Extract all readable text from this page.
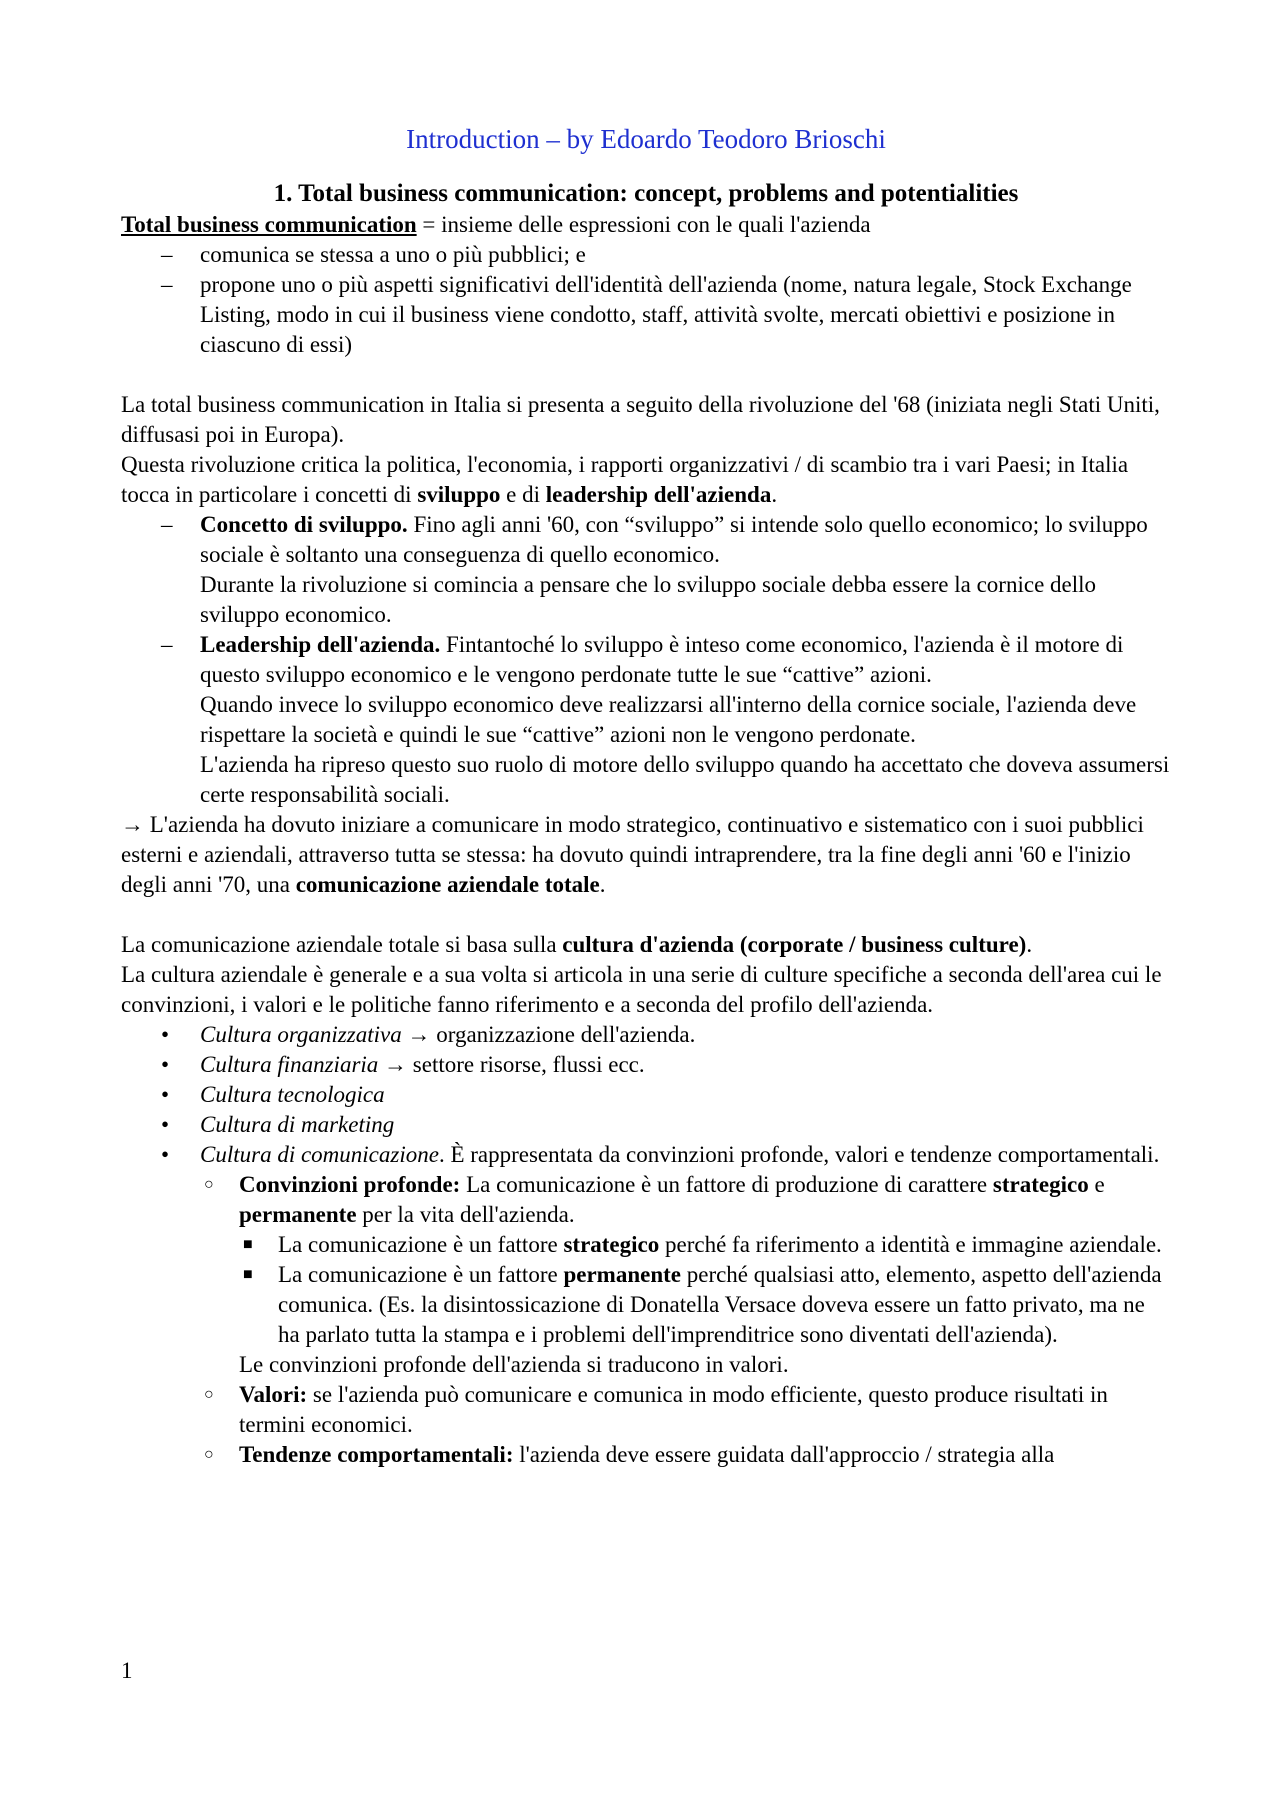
Introduction – by Edoardo Teodoro Brioschi
1. Total business communication: concept, problems and potentialities

Total business communication = insieme delle espressioni con le quali l'azienda

– comunica se stessa a uno o più pubblici; e
– propone uno o più aspetti significativi dell'identità dell'azienda (nome, natura legale, Stock Exchange Listing, modo in cui il business viene condotto, staff, attività svolte, mercati obiettivi e posizione in ciascuno di essi)

La total business communication in Italia si presenta a seguito della rivoluzione del '68 (iniziata negli Stati Uniti, diffusasi poi in Europa).

Questa rivoluzione critica la politica, l'economia, i rapporti organizzativi / di scambio tra i vari Paesi; in Italia tocca in particolare i concetti di sviluppo e di leadership dell'azienda.

– Concetto di sviluppo. Fino agli anni '60, con “sviluppo” si intende solo quello economico; lo sviluppo sociale è soltanto una conseguenza di quello economico.
Durante la rivoluzione si comincia a pensare che lo sviluppo sociale debba essere la cornice dello sviluppo economico.
– Leadership dell'azienda. Fintantoché lo sviluppo è inteso come economico, l'azienda è il motore di questo sviluppo economico e le vengono perdonate tutte le sue “cattive” azioni.
Quando invece lo sviluppo economico deve realizzarsi all'interno della cornice sociale, l'azienda deve rispettare la società e quindi le sue “cattive” azioni non le vengono perdonate.
L'azienda ha ripreso questo suo ruolo di motore dello sviluppo quando ha accettato che doveva assumersi certe responsabilità sociali.

→ L'azienda ha dovuto iniziare a comunicare in modo strategico, continuativo e sistematico con i suoi pubblici esterni e aziendali, attraverso tutta se stessa: ha dovuto quindi intraprendere, tra la fine degli anni '60 e l'inizio degli anni '70, una comunicazione aziendale totale.

La comunicazione aziendale totale si basa sulla cultura d'azienda (corporate / business culture).
La cultura aziendale è generale e a sua volta si articola in una serie di culture specifiche a seconda dell'area cui le convinzioni, i valori e le politiche fanno riferimento e a seconda del profilo dell'azienda.

• Cultura organizzativa → organizzazione dell'azienda.
• Cultura finanziaria → settore risorse, flussi ecc.
• Cultura tecnologica
• Cultura di marketing
• Cultura di comunicazione. È rappresentata da convinzioni profonde, valori e tendenze comportamentali.
○ Convinzioni profonde: La comunicazione è un fattore di produzione di carattere strategico e permanente per la vita dell'azienda.
■ La comunicazione è un fattore strategico perché fa riferimento a identità e immagine aziendale.
■ La comunicazione è un fattore permanente perché qualsiasi atto, elemento, aspetto dell'azienda comunica. (Es. la disintossicazione di Donatella Versace doveva essere un fatto privato, ma ne ha parlato tutta la stampa e i problemi dell'imprenditrice sono diventati dell'azienda).

Le convinzioni profonde dell'azienda si traducono in valori.

○ Valori: se l'azienda può comunicare e comunica in modo efficiente, questo produce risultati in termini economici.
○ Tendenze comportamentali: l'azienda deve essere guidata dall'approccio / strategia alla
1
